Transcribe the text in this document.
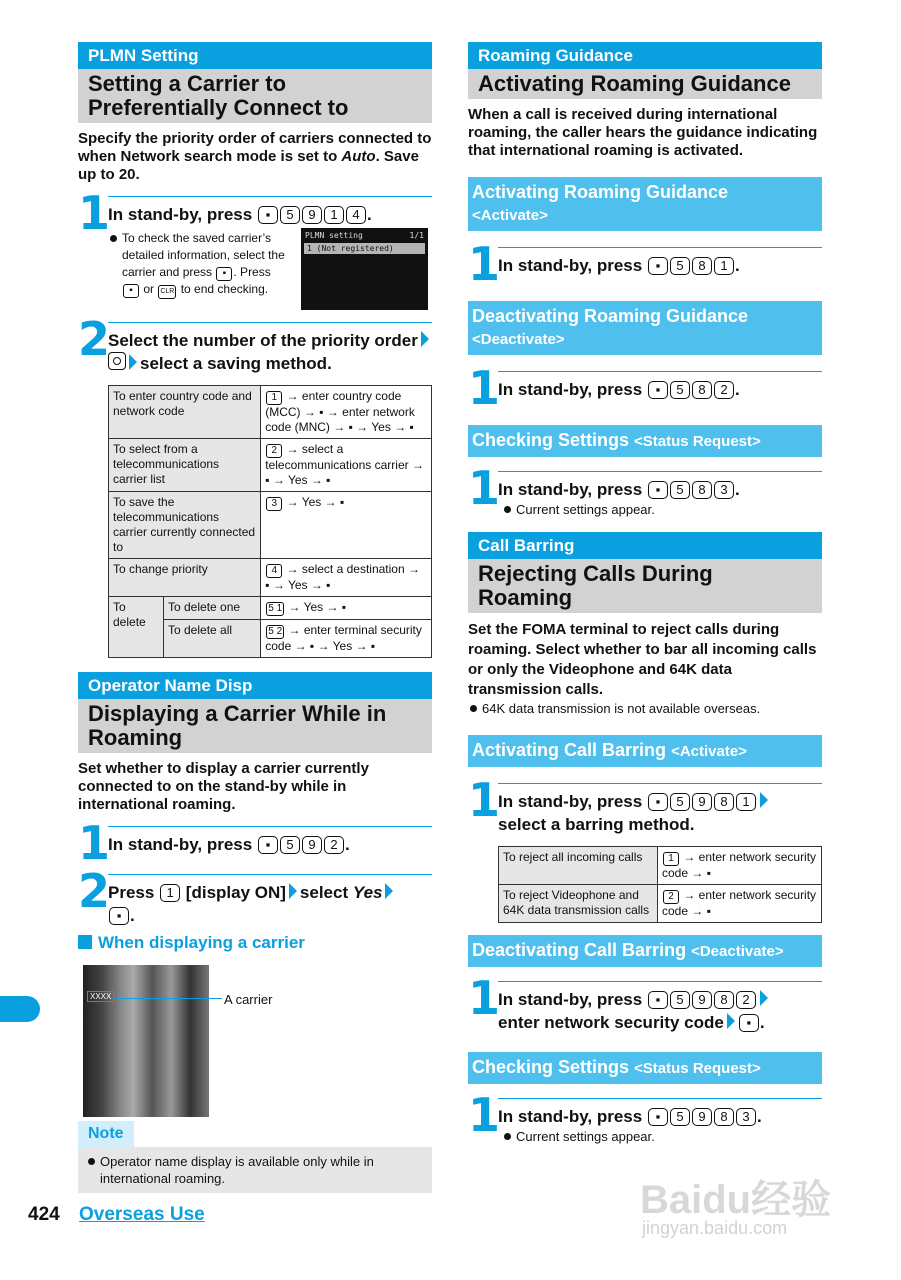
PLMN Setting
Setting a Carrier to Preferentially Connect to
Specify the priority order of carriers connected to when Network search mode is set to Auto. Save up to 20.
1
In stand-by, press ▪ 5 9 1 4 .
To check the saved carrier’s detailed information, select the carrier and press ▪ . Press ▪ or CLR to end checking.
PLMN setting	1/1
1 (Not registered)
2
Select the number of the priority orderselect a saving method.
To enter country code and network code		1 → enter country code (MCC) → ▪ → enter network code (MNC) → ▪ → Yes → ▪
To select from a telecommunications carrier list		2 → select a telecommunications carrier → ▪ → Yes → ▪
To save the telecommunications carrier currently connected to		3 → Yes → ▪
To change priority		4 → select a destination → ▪ → Yes → ▪
To delete	To delete one	5 1 → Yes → ▪
	To delete all	5 2 → enter terminal security code → ▪ → Yes → ▪
Operator Name Disp
Displaying a Carrier While in Roaming
Set whether to display a carrier currently connected to on the stand-by while in international roaming.
1
In stand-by, press ▪ 5 9 2 .
2
Press 1 [display ON] select Yes
▪ .
When displaying a carrier
XXXX	A carrier
Note
Operator name display is available only while in international roaming.
424 Overseas Use
Roaming Guidance
Activating Roaming Guidance
When a call is received during international roaming, the caller hears the guidance indicating that international roaming is activated.
Activating Roaming Guidance
<Activate>
1
In stand-by, press ▪ 5 8 1 .
Deactivating Roaming Guidance
<Deactivate>
1
In stand-by, press ▪ 5 8 2 .
Checking Settings <Status Request>
1
In stand-by, press ▪ 5 8 3 .
Current settings appear.
Call Barring
Rejecting Calls During Roaming
Set the FOMA terminal to reject calls during roaming. Select whether to bar all incoming calls or only the Videophone and 64K data transmission calls.
64K data transmission is not available overseas.
Activating Call Barring <Activate>
1
In stand-by, press ▪ 5 9 8 1
select a barring method.
To reject all incoming calls	1 → enter network security code → ▪
To reject Videophone and 64K data transmission calls	2 → enter network security code → ▪
Deactivating Call Barring <Deactivate>
1
In stand-by, press ▪ 5 9 8 2
enter network security code ▪ .
Checking Settings <Status Request>
1
In stand-by, press ▪ 5 9 8 3 .
Current settings appear.
Baidu经验
jingyan.baidu.com
